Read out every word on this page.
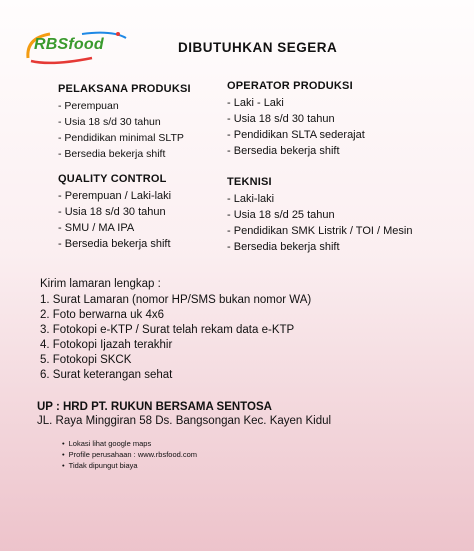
RBSfood	DIBUTUHKAN SEGERA
PELAKSANA PRODUKSI
- Perempuan
- Usia 18 s/d 30 tahun
- Pendidikan minimal SLTP
- Bersedia bekerja shift
OPERATOR PRODUKSI
- Laki - Laki
- Usia 18 s/d 30 tahun
- Pendidikan SLTA sederajat
- Bersedia bekerja shift
QUALITY CONTROL
- Perempuan / Laki-laki
- Usia 18 s/d 30 tahun
- SMU / MA IPA
- Bersedia bekerja shift
TEKNISI
- Laki-laki
- Usia 18 s/d 25 tahun
- Pendidikan SMK Listrik / TOI / Mesin
- Bersedia bekerja shift
Kirim lamaran lengkap :
1. Surat Lamaran (nomor HP/SMS bukan nomor WA)
2. Foto berwarna uk 4x6
3. Fotokopi e-KTP / Surat telah rekam data e-KTP
4. Fotokopi Ijazah terakhir
5. Fotokopi SKCK
6. Surat keterangan sehat
UP : HRD PT. RUKUN BERSAMA SENTOSA
JL. Raya Minggiran 58 Ds. Bangsongan Kec. Kayen Kidul
• Lokasi lihat google maps
• Profile perusahaan : www.rbsfood.com
• Tidak dipungut biaya
